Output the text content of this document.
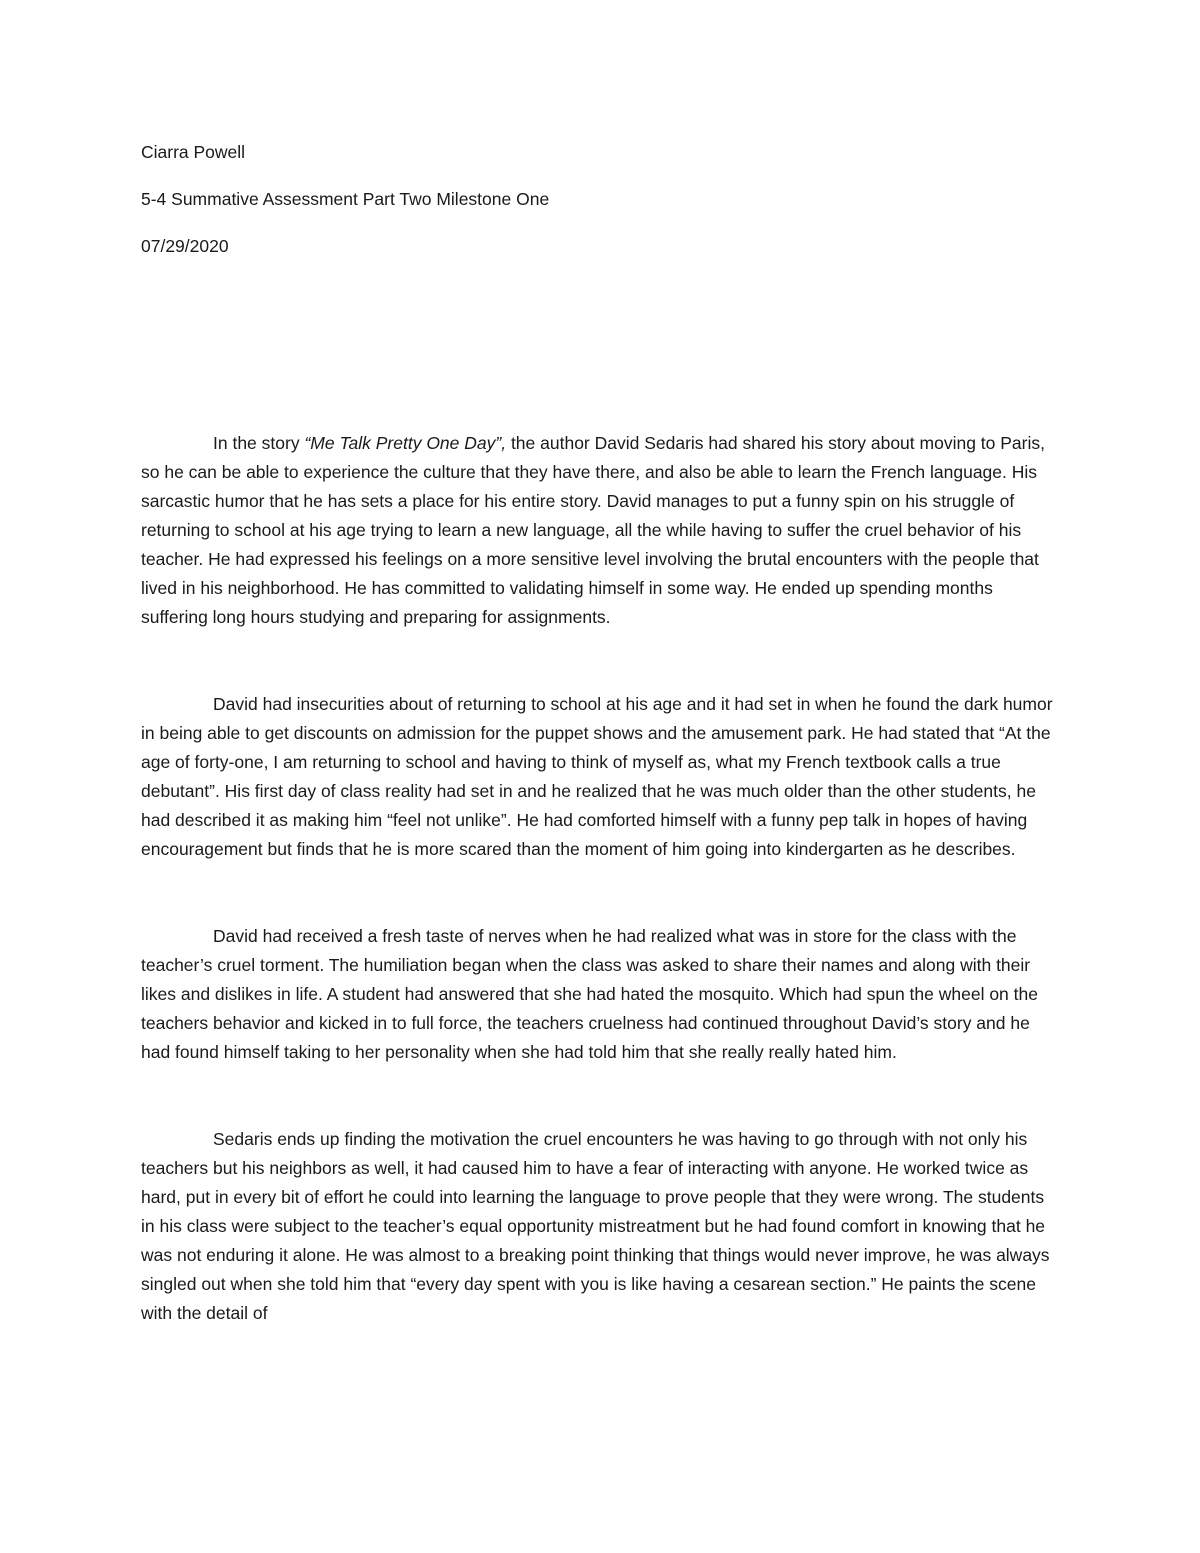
Ciarra Powell
5-4 Summative Assessment Part Two Milestone One
07/29/2020

In the story “Me Talk Pretty One Day”, the author David Sedaris had shared his story about moving to Paris, so he can be able to experience the culture that they have there, and also be able to learn the French language. His sarcastic humor that he has sets a place for his entire story. David manages to put a funny spin on his struggle of returning to school at his age trying to learn a new language, all the while having to suffer the cruel behavior of his teacher. He had expressed his feelings on a more sensitive level involving the brutal encounters with the people that lived in his neighborhood. He has committed to validating himself in some way. He ended up spending months suffering long hours studying and preparing for assignments.

David had insecurities about of returning to school at his age and it had set in when he found the dark humor in being able to get discounts on admission for the puppet shows and the amusement park. He had stated that “At the age of forty-one, I am returning to school and having to think of myself as, what my French textbook calls a true debutant”. His first day of class reality had set in and he realized that he was much older than the other students, he had described it as making him “feel not unlike”. He had comforted himself with a funny pep talk in hopes of having encouragement but finds that he is more scared than the moment of him going into kindergarten as he describes.

David had received a fresh taste of nerves when he had realized what was in store for the class with the teacher’s cruel torment. The humiliation began when the class was asked to share their names and along with their likes and dislikes in life. A student had answered that she had hated the mosquito. Which had spun the wheel on the teachers behavior and kicked in to full force, the teachers cruelness had continued throughout David’s story and he had found himself taking to her personality when she had told him that she really really hated him.

Sedaris ends up finding the motivation the cruel encounters he was having to go through with not only his teachers but his neighbors as well, it had caused him to have a fear of interacting with anyone. He worked twice as hard, put in every bit of effort he could into learning the language to prove people that they were wrong. The students in his class were subject to the teacher’s equal opportunity mistreatment but he had found comfort in knowing that he was not enduring it alone. He was almost to a breaking point thinking that things would never improve, he was always singled out when she told him that “every day spent with you is like having a cesarean section.” He paints the scene with the detail of
